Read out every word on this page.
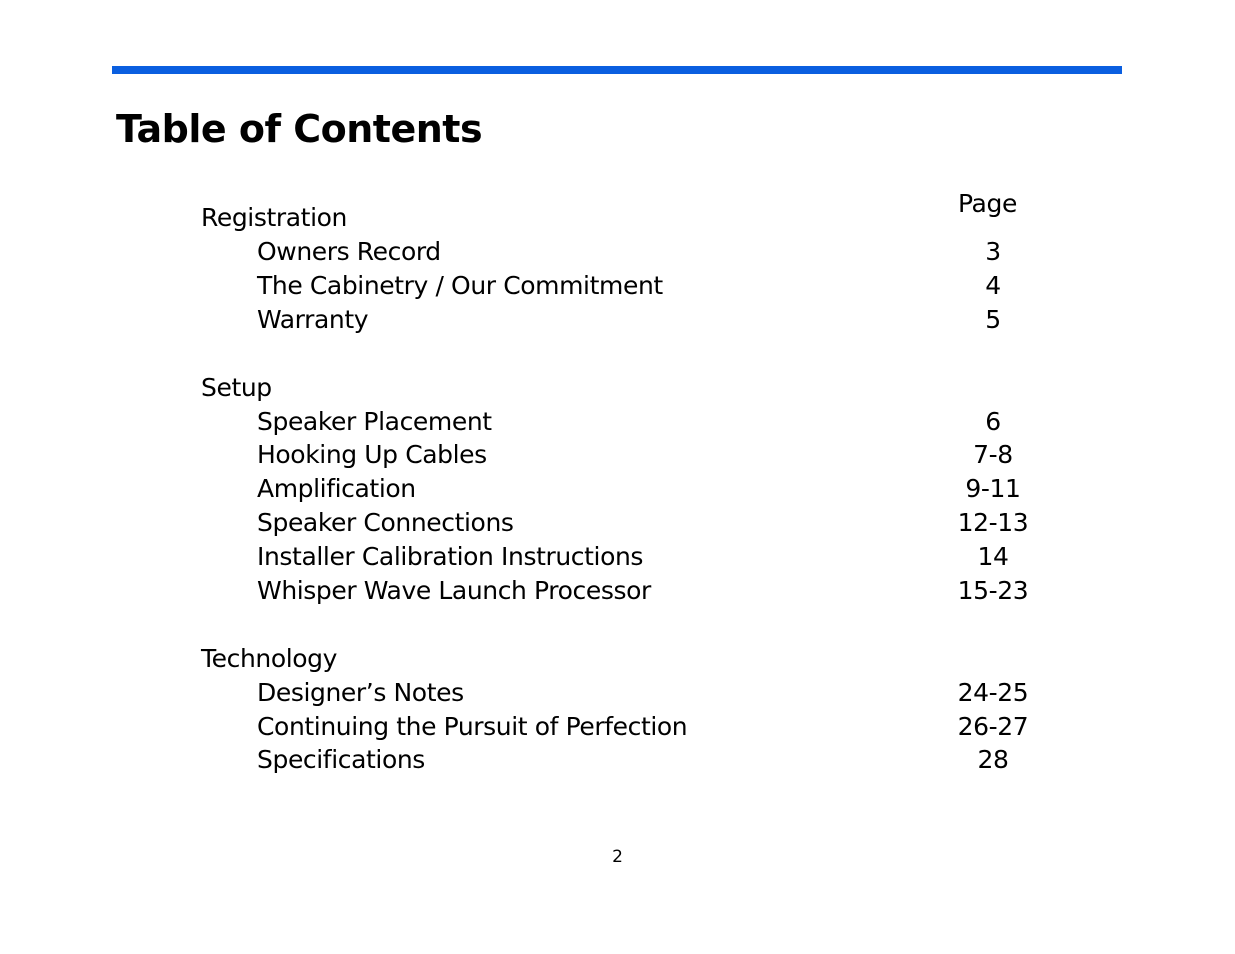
Table of Contents
Page
Registration
Owners Record	3
The Cabinetry / Our Commitment	4
Warranty	5
Setup
Speaker Placement	6
Hooking Up Cables	7-8
Amplification	9-11
Speaker Connections	12-13
Installer Calibration Instructions	14
Whisper Wave Launch Processor	15-23
Technology
Designer’s Notes	24-25
Continuing the Pursuit of Perfection	26-27
Specifications	28
2
